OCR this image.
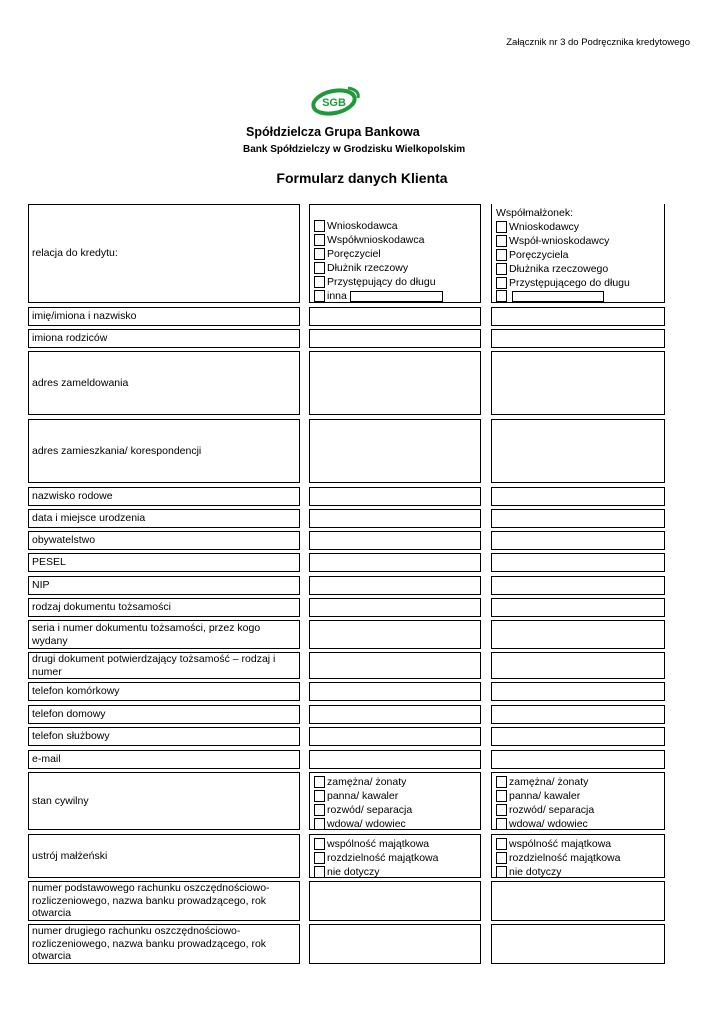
Załącznik nr 3 do Podręcznika kredytowego
SGB
Spółdzielcza Grupa Bankowa
Bank Spółdzielczy w Grodzisku Wielkopolskim
Formularz danych Klienta
relacja do kredytu:
Wnioskodawca
Współwnioskodawca
Poręczyciel
Dłużnik rzeczowy
Przystępujący do długu
inna
Współmałżonek:
Wnioskodawcy
Współ-wnioskodawcy
Poręczyciela
Dłużnika rzeczowego
Przystępującego do długu
imię/imiona i nazwisko
imiona rodziców
adres zameldowania
adres zamieszkania/ korespondencji
nazwisko rodowe
data i miejsce urodzenia
obywatelstwo
PESEL
NIP
rodzaj dokumentu tożsamości
seria i numer dokumentu tożsamości, przez kogo wydany
drugi dokument potwierdzający tożsamość – rodzaj i numer
telefon komórkowy
telefon domowy
telefon służbowy
e-mail
stan cywilny
zamężna/ żonaty
panna/ kawaler
rozwód/ separacja
wdowa/ wdowiec
zamężna/ żonaty
panna/ kawaler
rozwód/ separacja
wdowa/ wdowiec
ustrój małżeński
wspólność majątkowa
rozdzielność majątkowa
nie dotyczy
wspólność majątkowa
rozdzielność majątkowa
nie dotyczy
numer podstawowego rachunku oszczędnościowo-rozliczeniowego, nazwa banku prowadzącego, rok otwarcia
numer drugiego rachunku oszczędnościowo-rozliczeniowego, nazwa banku prowadzącego, rok otwarcia
